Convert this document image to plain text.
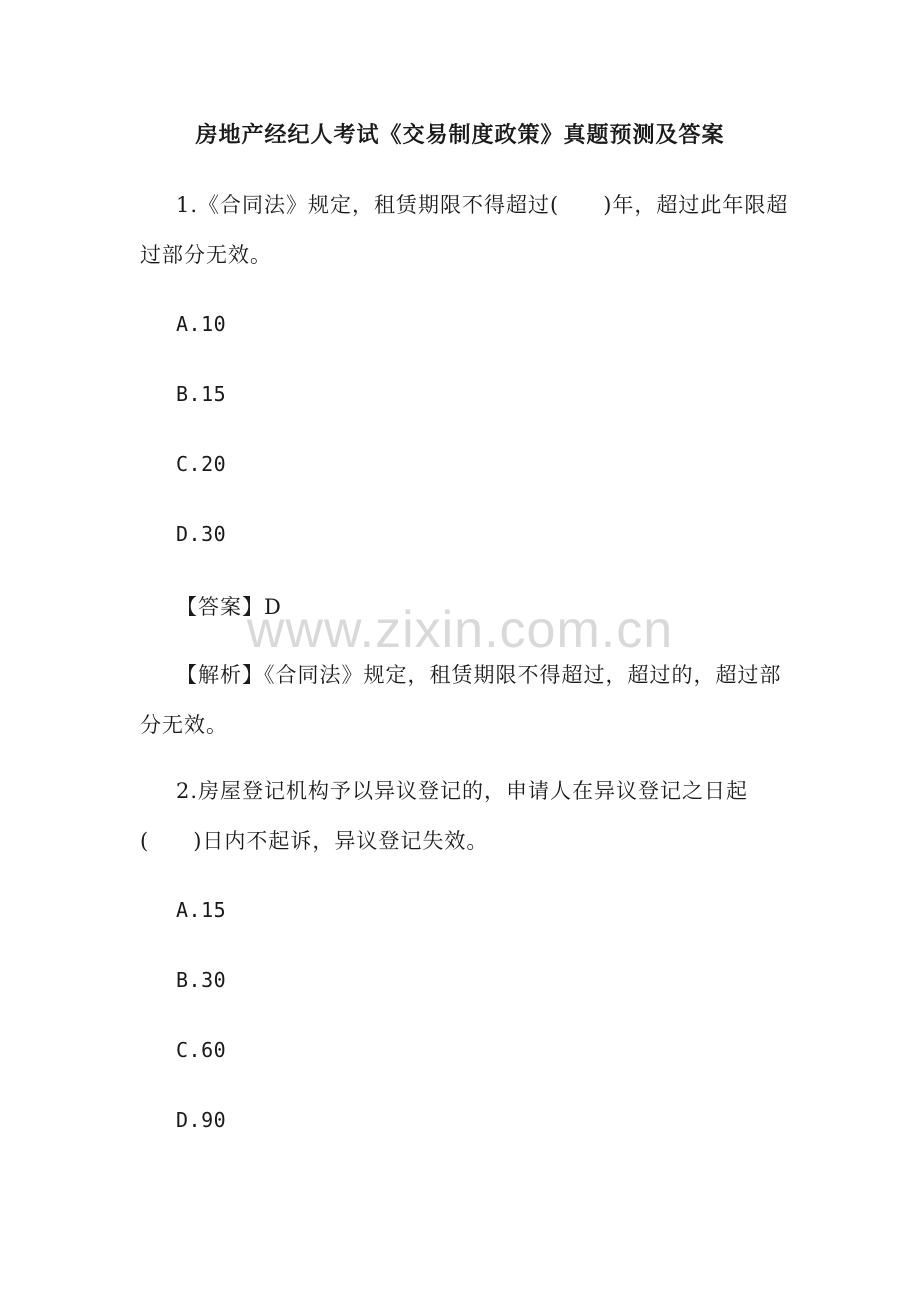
房地产经纪人考试《交易制度政策》真题预测及答案
1.《合同法》规定，租赁期限不得超过(　　)年，超过此年限超过部分无效。
A.10
B.15
C.20
D.30
【答案】D
www.zixin.com.cn
【解析】《合同法》规定，租赁期限不得超过，超过的，超过部分无效。
2.房屋登记机构予以异议登记的，申请人在异议登记之日起(　　)日内不起诉，异议登记失效。
A.15
B.30
C.60
D.90
